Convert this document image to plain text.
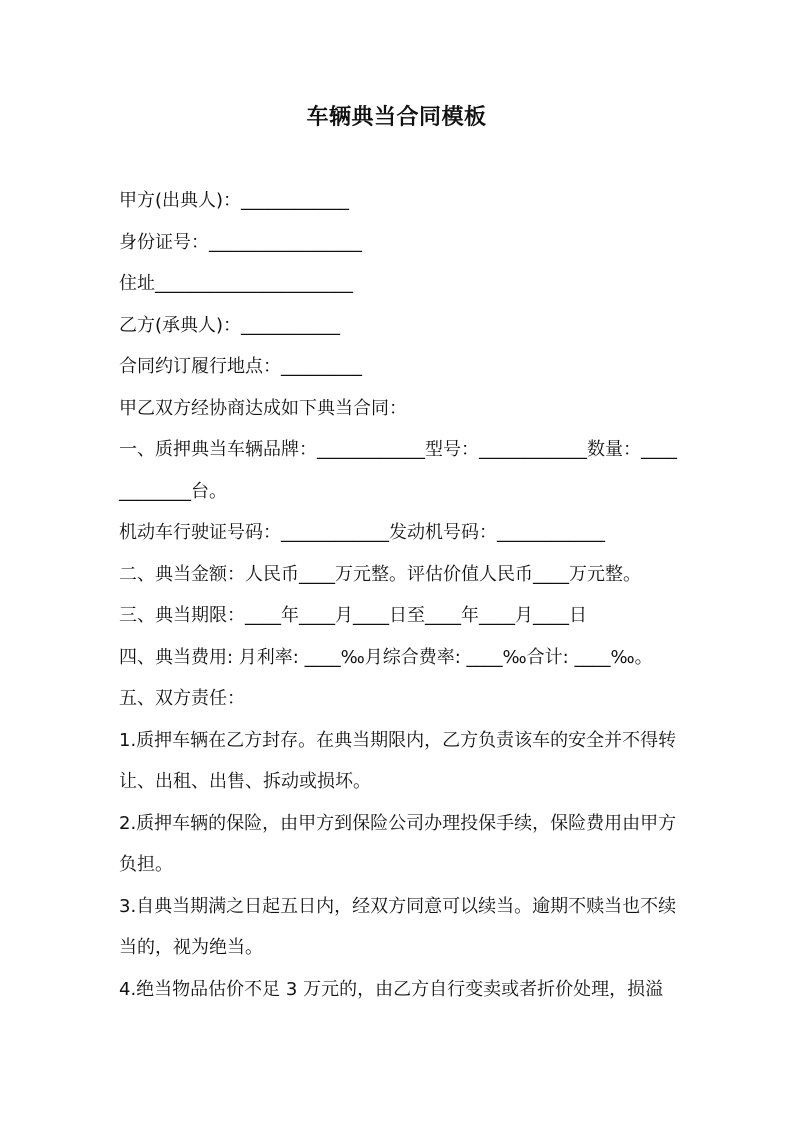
车辆典当合同模板
甲方(出典人)：____________
身份证号：_________________
住址______________________
乙方(承典人)：___________
合同约订履行地点：_________
甲乙双方经协商达成如下典当合同：
一、质押典当车辆品牌：____________型号：____________数量：____________台。
机动车行驶证号码：____________发动机号码：____________
二、典当金额：人民币____万元整。评估价值人民币____万元整。
三、典当期限：____年____月____日至____年____月____日
四、典当费用: 月利率: ____‰月综合费率: ____‰合计: ____‰。
五、双方责任：
1.质押车辆在乙方封存。在典当期限内，乙方负责该车的安全并不得转让、出租、出售、拆动或损坏。
2.质押车辆的保险，由甲方到保险公司办理投保手续，保险费用由甲方负担。
3.自典当期满之日起五日内，经双方同意可以续当。逾期不赎当也不续当的，视为绝当。
4.绝当物品估价不足 3 万元的，由乙方自行变卖或者折价处理，损溢
